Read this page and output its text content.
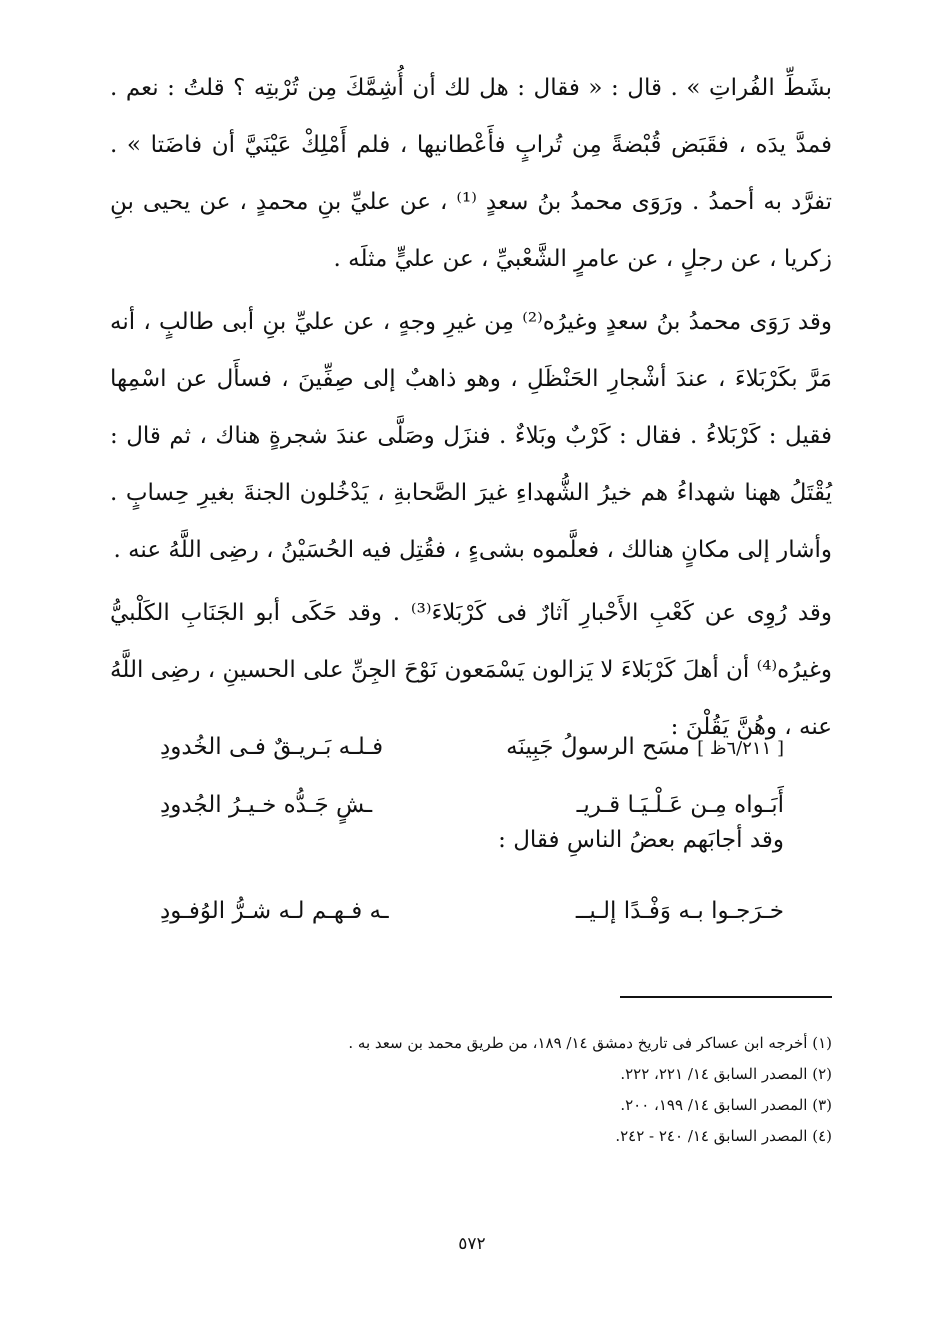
بشَطِّ الفُراتِ » . قال : « فقال : هل لك أن أُشِمَّكَ مِن تُرْبتِه ؟ قلتُ : نعم . فمدَّ يدَه ، فقَبَض قُبْضةً مِن تُرابٍ فأَعْطانيها ، فلم أَمْلِكْ عَيْنَيَّ أن فاضَتا » . تفرَّد به أحمدُ . ورَوَى محمدُ بنُ سعدٍ ⁽¹⁾ ، عن عليِّ بنِ محمدٍ ، عن يحيى بنِ زكريا ، عن رجلٍ ، عن عامرٍ الشَّعْبيِّ ، عن عليٍّ مثلَه .

وقد رَوَى محمدُ بنُ سعدٍ وغيرُه⁽²⁾ مِن غيرِ وجهٍ ، عن عليِّ بنِ أبى طالبٍ ، أنه مَرَّ بكَرْبَلاءَ ، عندَ أشْجارِ الحَنْظَلِ ، وهو ذاهبٌ إلى صِفِّينَ ، فسأَل عن اسْمِها فقيل : كَرْبَلاءُ . فقال : كَرْبٌ وبَلاءٌ . فنزَل وصَلَّى عندَ شجرةٍ هناك ، ثم قال : يُقْتَلُ ههنا شهداءُ هم خيرُ الشُّهداءِ غيرَ الصَّحابةِ ، يَدْخُلون الجنةَ بغيرِ حِسابٍ . وأشار إلى مكانٍ هنالك ، فعلَّموه بشىءٍ ، فقُتِل فيه الحُسَيْنُ ، رضِى اللَّهُ عنه .

وقد رُوِى عن كَعْبِ الأَحْبارِ آثارٌ فى كَرْبَلاءَ⁽³⁾ . وقد حَكَى أبو الجَنَابِ الكَلْبيُّ وغيرُه⁽⁴⁾ أن أهلَ كَرْبَلاءَ لا يَزالون يَسْمَعون نَوْحَ الجِنِّ على الحسينِ ، رضِى اللَّهُ عنه ، وهُنَّ يَقُلْنَ :

[ ٦/٢١١ظ ] مسَح الرسولُ جَبِينَه
فـلـه بَـريـقٌ فـى الخُدودِ
أَبَـواه مِـن عَـلْـيَـا قـريـ
ـشٍ جَـدُّه خـيـرُ الجُدودِ
وقد أجابَهم بعضُ الناسِ فقال :
خـرَجـوا بـه وَفْـدًا إلـيــ
ـه فـهـم لـه شـرُّ الوُفـودِ

(١) أخرجه ابن عساكر فى تاريخ دمشق ١٤/ ١٨٩، من طريق محمد بن سعد به .

(٢) المصدر السابق ١٤/ ٢٢١، ٢٢٢.

(٣) المصدر السابق ١٤/ ١٩٩، ٢٠٠.

(٤) المصدر السابق ١٤/ ٢٤٠ - ٢٤٢.

٥٧٢
